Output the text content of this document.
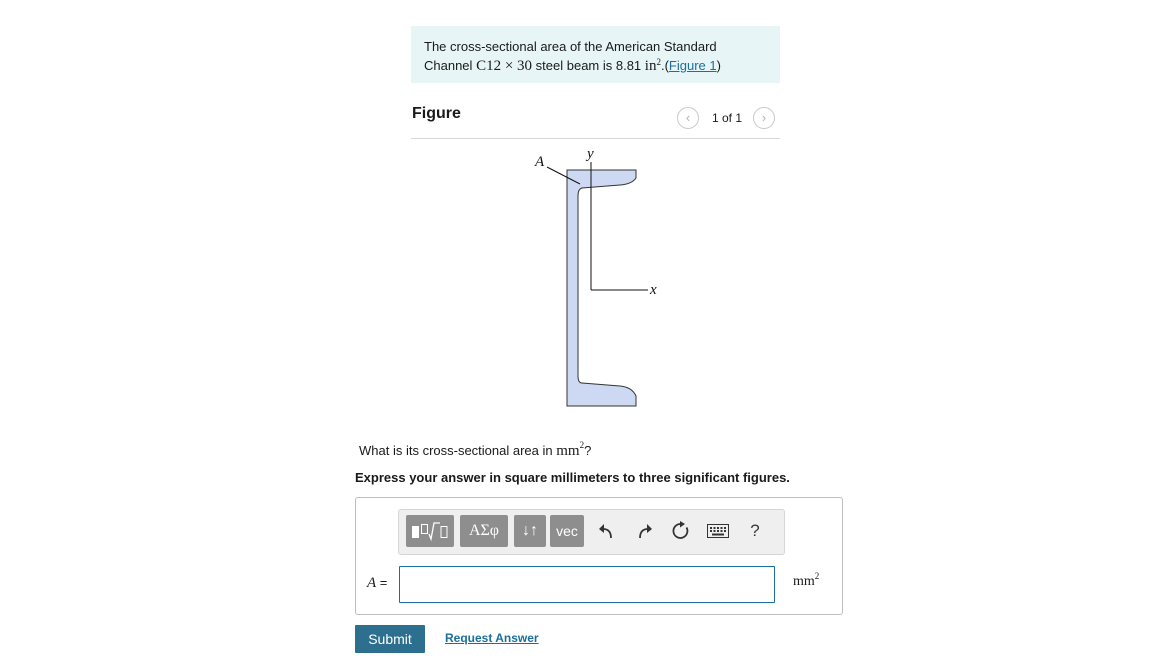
The cross-sectional area of the American Standard
Channel C12 × 30 steel beam is 8.81 $in^2.(Figure$ 1)
Figure	‹	1 of 1	›
A	y
x
What is its cross-sectional area in $mm^2$?
Express your answer in square millimeters to three significant figures.
ΑΣφ	↓↑	vec	?
A =	$mm^2$
Submit	Request Answer
